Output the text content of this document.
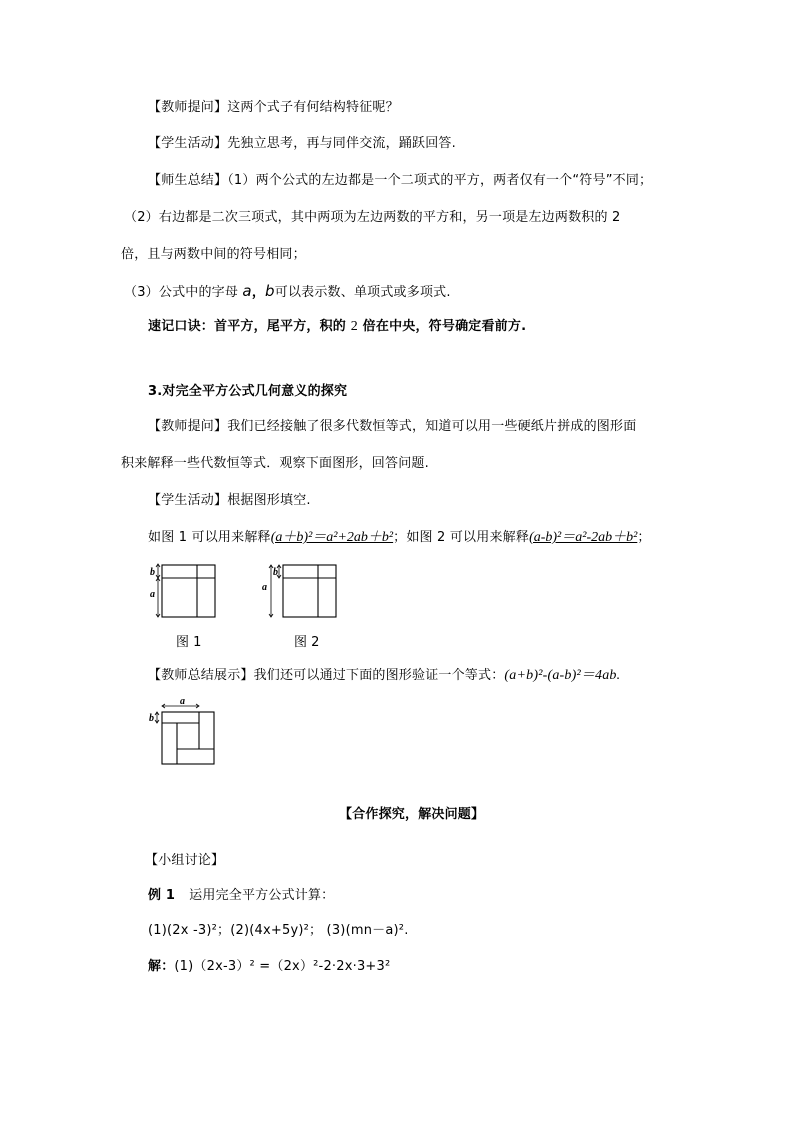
【教师提问】这两个式子有何结构特征呢？
【学生活动】先独立思考，再与同伴交流，踊跃回答.
【师生总结】（1）两个公式的左边都是一个二项式的平方，两者仅有一个“符号”不同；
（2）右边都是二次三项式，其中两项为左边两数的平方和，另一项是左边两数积的 2
倍，且与两数中间的符号相同；
（3）公式中的字母 a，b可以表示数、单项式或多项式.
速记口诀：首平方，尾平方，积的 2 倍在中央，符号确定看前方.
3.对完全平方公式几何意义的探究
【教师提问】我们已经接触了很多代数恒等式，知道可以用一些硬纸片拼成的图形面
积来解释一些代数恒等式．观察下面图形，回答问题.
【学生活动】根据图形填空.
如图 1 可以用来解释(a＋b)²＝a²+2ab＋b²；如图 2 可以用来解释(a-b)²＝a²-2ab＋b²；
b
a
图 1
a
b
图 2
【教师总结展示】我们还可以通过下面的图形验证一个等式：(a+b)²-(a-b)²＝4ab.
a
b
【合作探究，解决问题】
【小组讨论】
例 1 运用完全平方公式计算：
(1)(2x -3)²；(2)(4x+5y)²； (3)(mn－a)².
解：(1)（2x-3）² =（2x）²-2·2x·3+3²
